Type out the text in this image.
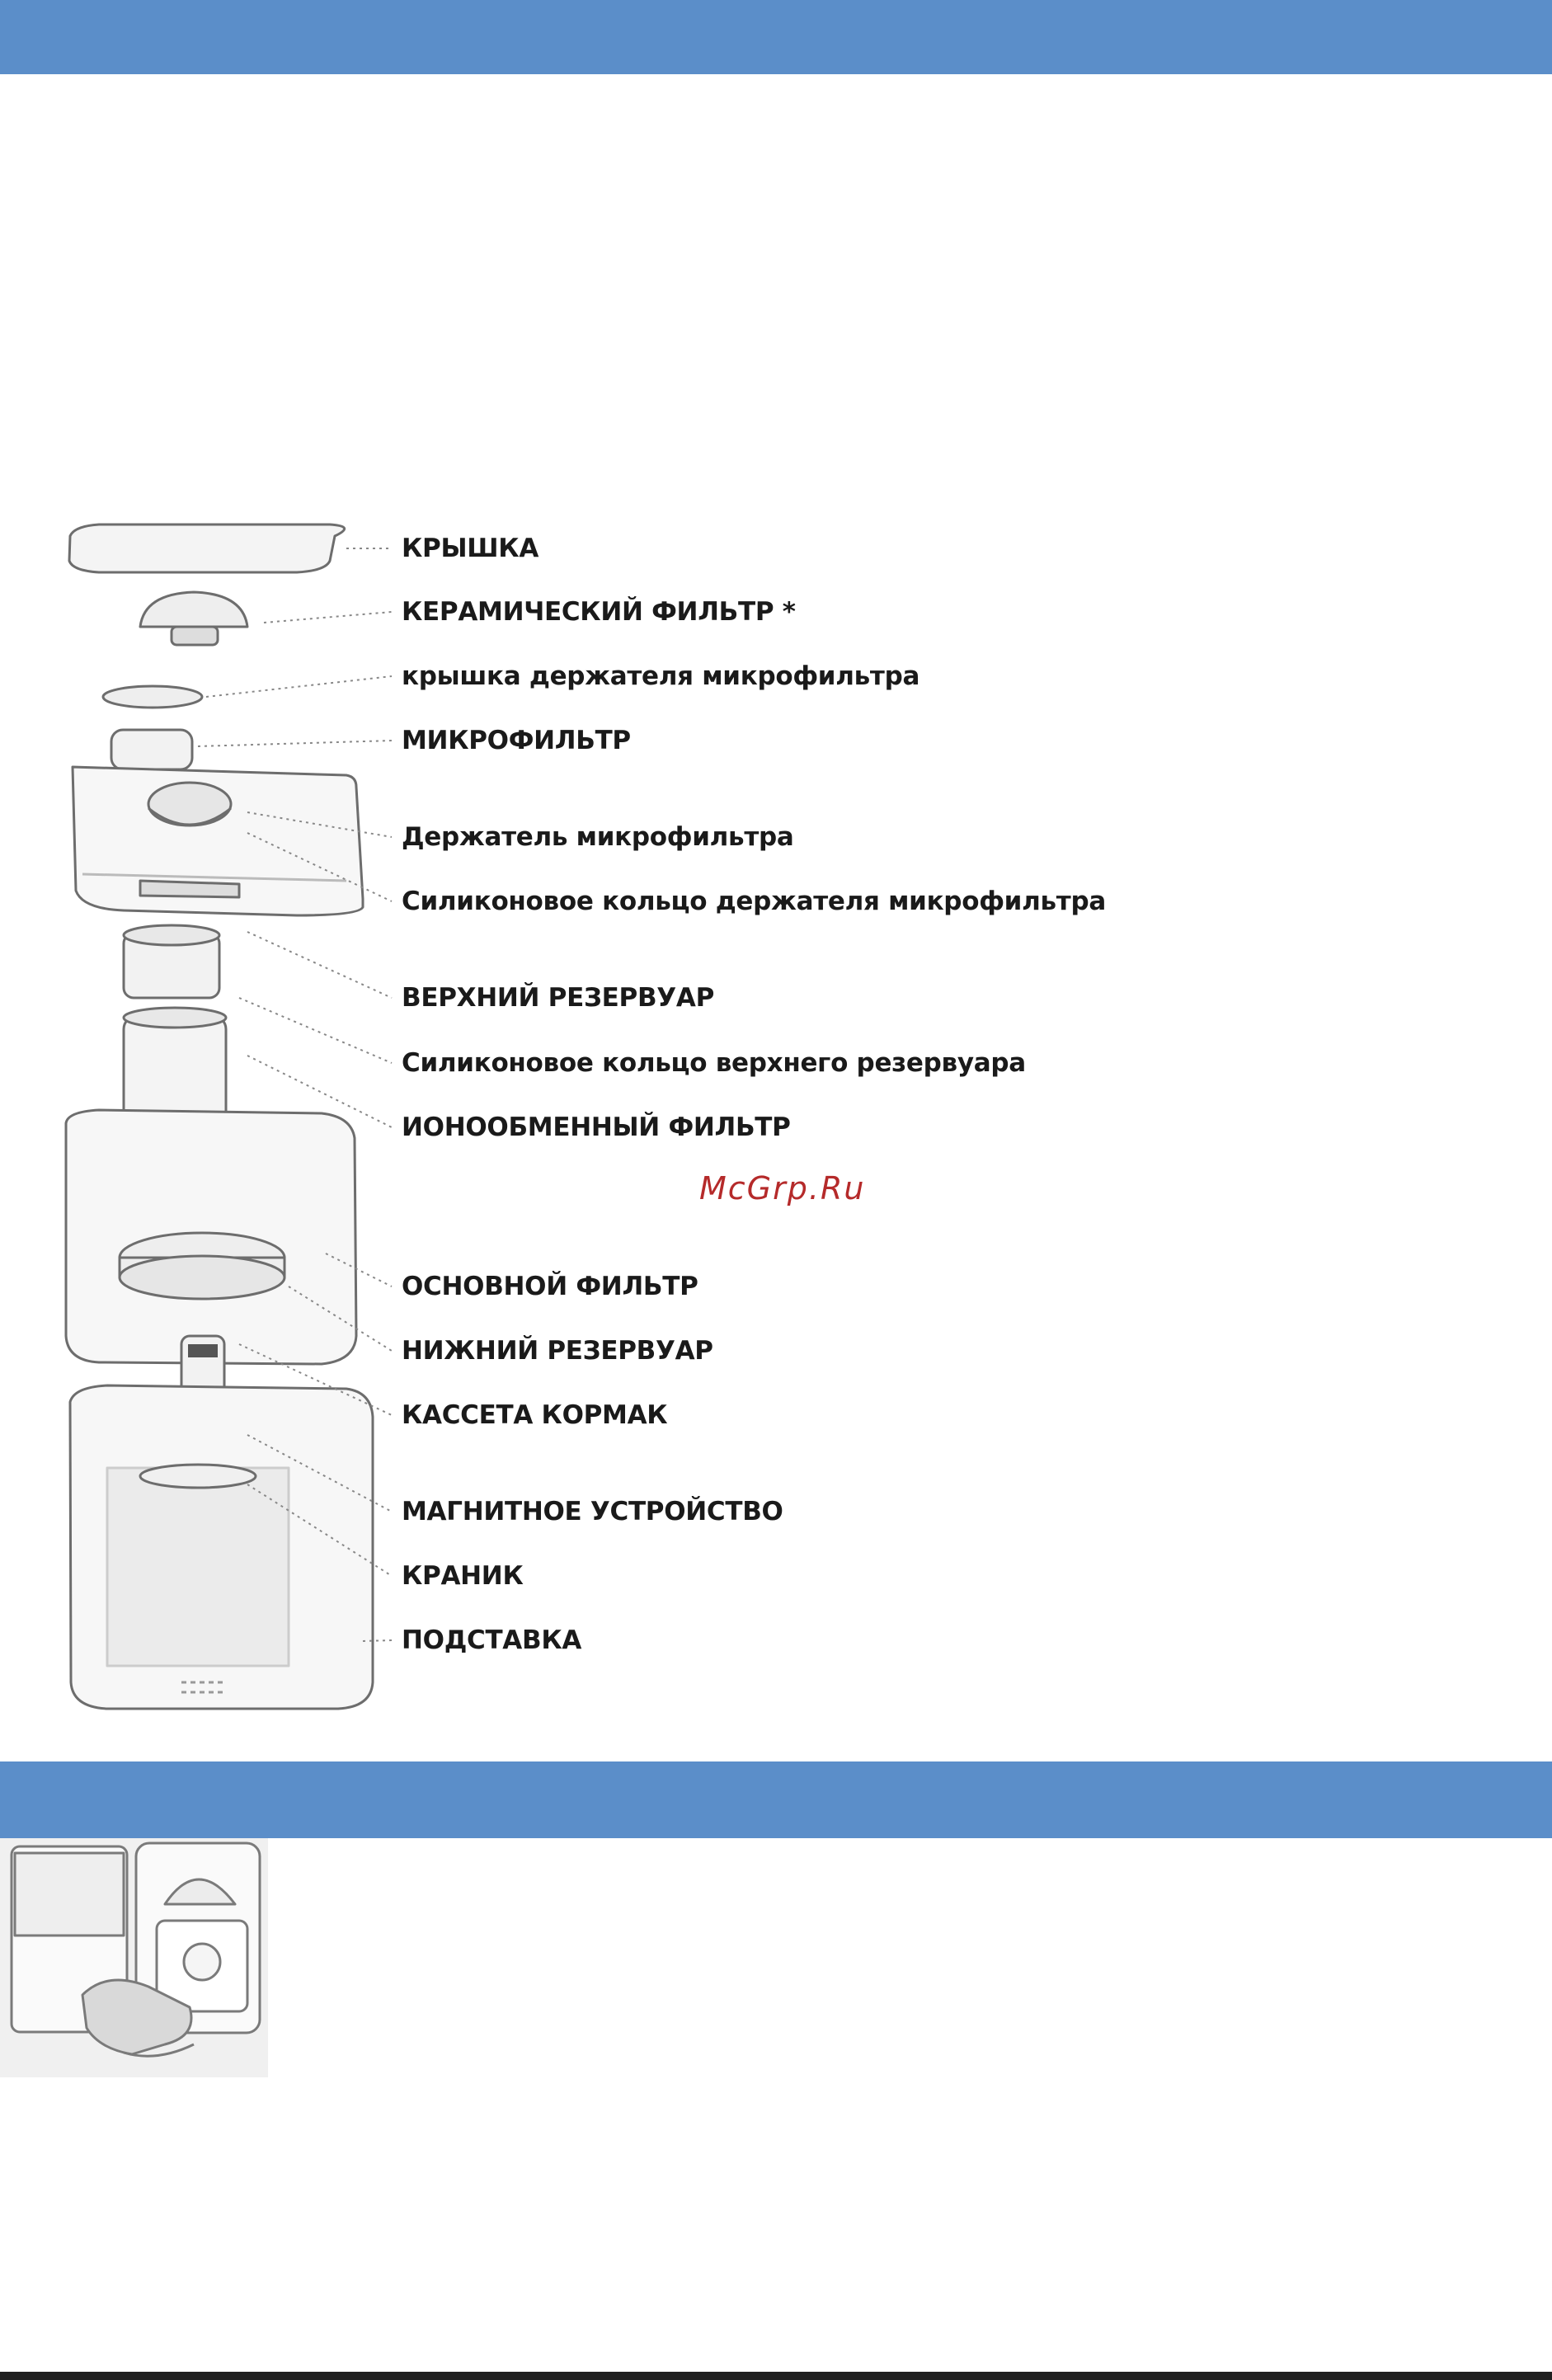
КРЫШКА

КЕРАМИЧЕСКИЙ ФИЛЬТР *

крышка держателя микрофильтра

МИКРОФИЛЬТР

Держатель микрофильтра

Силиконовое кольцо держателя микрофильтра

ВЕРХНИЙ РЕЗЕРВУАР

Силиконовое кольцо верхнего резервуара

ИОНООБМЕННЫЙ ФИЛЬТР

ОСНОВНОЙ ФИЛЬТР

НИЖНИЙ РЕЗЕРВУАР

КАССЕТА КОРМАК

МАГНИТНОЕ УСТРОЙСТВО

КРАНИК

ПОДСТАВКА

McGrp.Ru
